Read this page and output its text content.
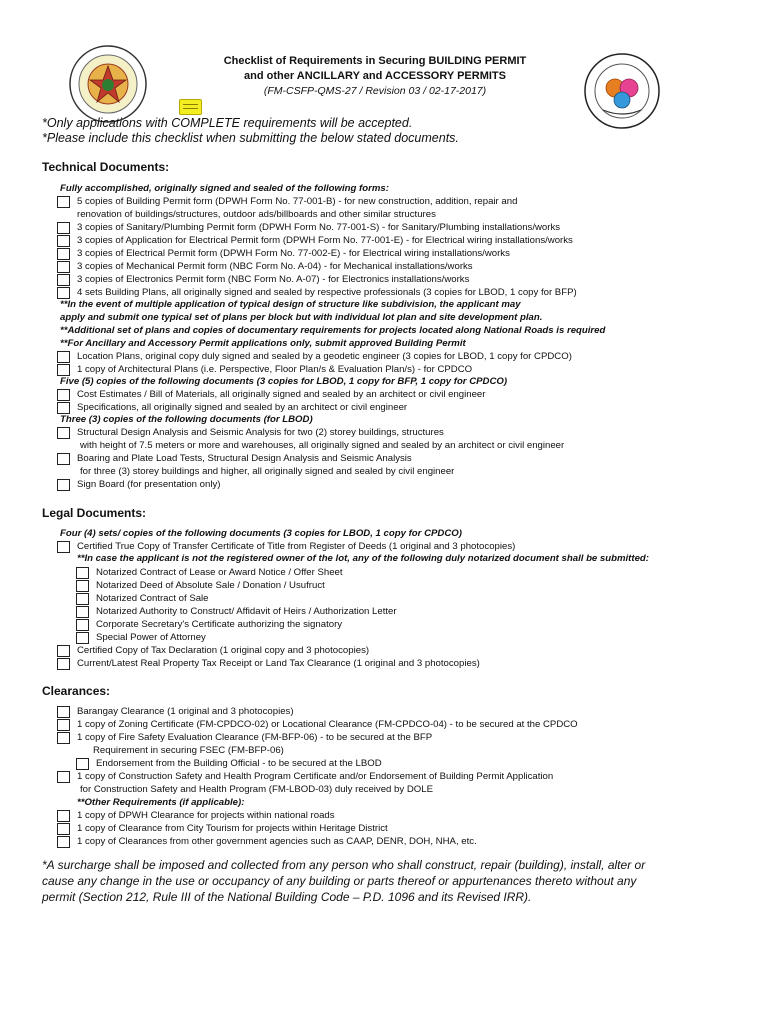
Checklist of Requirements in Securing BUILDING PERMIT
and other ANCILLARY and ACCESSORY PERMITS
(FM-CSFP-QMS-27 / Revision 03 / 02-17-2017)
*Only applications with COMPLETE requirements will be accepted.
*Please include this checklist when submitting the below stated documents.
Technical Documents:
Fully accomplished, originally signed and sealed of the following forms:
5 copies of Building Permit form (DPWH Form No. 77-001-B) - for new construction, addition, repair and
renovation of buildings/structures, outdoor ads/billboards and other similar structures
3 copies of Sanitary/Plumbing Permit form (DPWH Form No. 77-001-S) - for Sanitary/Plumbing installations/works
3 copies of Application for Electrical Permit form (DPWH Form No. 77-001-E) - for Electrical wiring installations/works
3 copies of Electrical Permit form (DPWH Form No. 77-002-E) - for Electrical wiring installations/works
3 copies of Mechanical Permit form (NBC Form No. A-04) - for Mechanical installations/works
3 copies of Electronics Permit form (NBC Form No. A-07) - for Electronics installations/works
4 sets Building Plans, all originally signed and sealed by respective professionals (3 copies for LBOD, 1 copy for BFP)
**In the event of multiple application of typical design of structure like subdivision, the applicant may
apply and submit one typical set of plans per block but with individual lot plan and site development plan.
**Additional set of plans and copies of documentary requirements for projects located along National Roads is required
**For Ancillary and Accessory Permit applications only, submit approved Building Permit
Location Plans, original copy duly signed and sealed by a geodetic engineer (3 copies for LBOD, 1 copy for CPDCO)
1 copy of Architectural Plans (i.e. Perspective, Floor Plan/s & Evaluation Plan/s) - for CPDCO
Five (5) copies of the following documents (3 copies for LBOD, 1 copy for BFP, 1 copy for CPDCO)
Cost Estimates / Bill of Materials, all originally signed and sealed by an architect or civil engineer
Specifications, all originally signed and sealed by an architect or civil engineer
Three (3) copies of the following documents (for LBOD)
Structural Design Analysis and Seismic Analysis for two (2) storey buildings, structures
with height of 7.5 meters or more and warehouses, all originally signed and sealed by an architect or civil engineer
Boaring and Plate Load Tests, Structural Design Analysis and Seismic Analysis
for three (3) storey buildings and higher, all originally signed and sealed by civil engineer
Sign Board (for presentation only)
Legal Documents:
Four (4) sets/ copies of the following documents (3 copies for LBOD, 1 copy for CPDCO)
Certified True Copy of Transfer Certificate of Title from Register of Deeds (1 original and 3 photocopies)
**In case the applicant is not the registered owner of the lot, any of the following duly notarized document shall be submitted:
Notarized Contract of Lease or Award Notice / Offer Sheet
Notarized Deed of Absolute Sale / Donation / Usufruct
Notarized Contract of Sale
Notarized Authority to Construct/ Affidavit of Heirs / Authorization Letter
Corporate Secretary's Certificate authorizing the signatory
Special Power of Attorney
Certified Copy of Tax Declaration (1 original copy and 3 photocopies)
Current/Latest Real Property Tax Receipt or Land Tax Clearance (1 original and 3 photocopies)
Clearances:
Barangay Clearance (1 original and 3 photocopies)
1 copy of Zoning Certificate (FM-CPDCO-02) or Locational Clearance (FM-CPDCO-04) - to be secured at the CPDCO
1 copy of Fire Safety Evaluation Clearance (FM-BFP-06) - to be secured at the BFP
Requirement in securing FSEC (FM-BFP-06)
Endorsement from the Building Official - to be secured at the LBOD
1 copy of Construction Safety and Health Program Certificate and/or Endorsement of Building Permit Application
for Construction Safety and Health Program (FM-LBOD-03) duly received by DOLE
**Other Requirements (if applicable):
1 copy of DPWH Clearance for projects within national roads
1 copy of Clearance from City Tourism for projects within Heritage District
1 copy of Clearances from other government agencies such as CAAP, DENR, DOH, NHA, etc.
*A surcharge shall be imposed and collected from any person who shall construct, repair (building), install, alter or
cause any change in the use or occupancy of any building or parts thereof or appurtenances thereto without any
permit (Section 212, Rule III of the National Building Code – P.D. 1096 and its Revised IRR).
